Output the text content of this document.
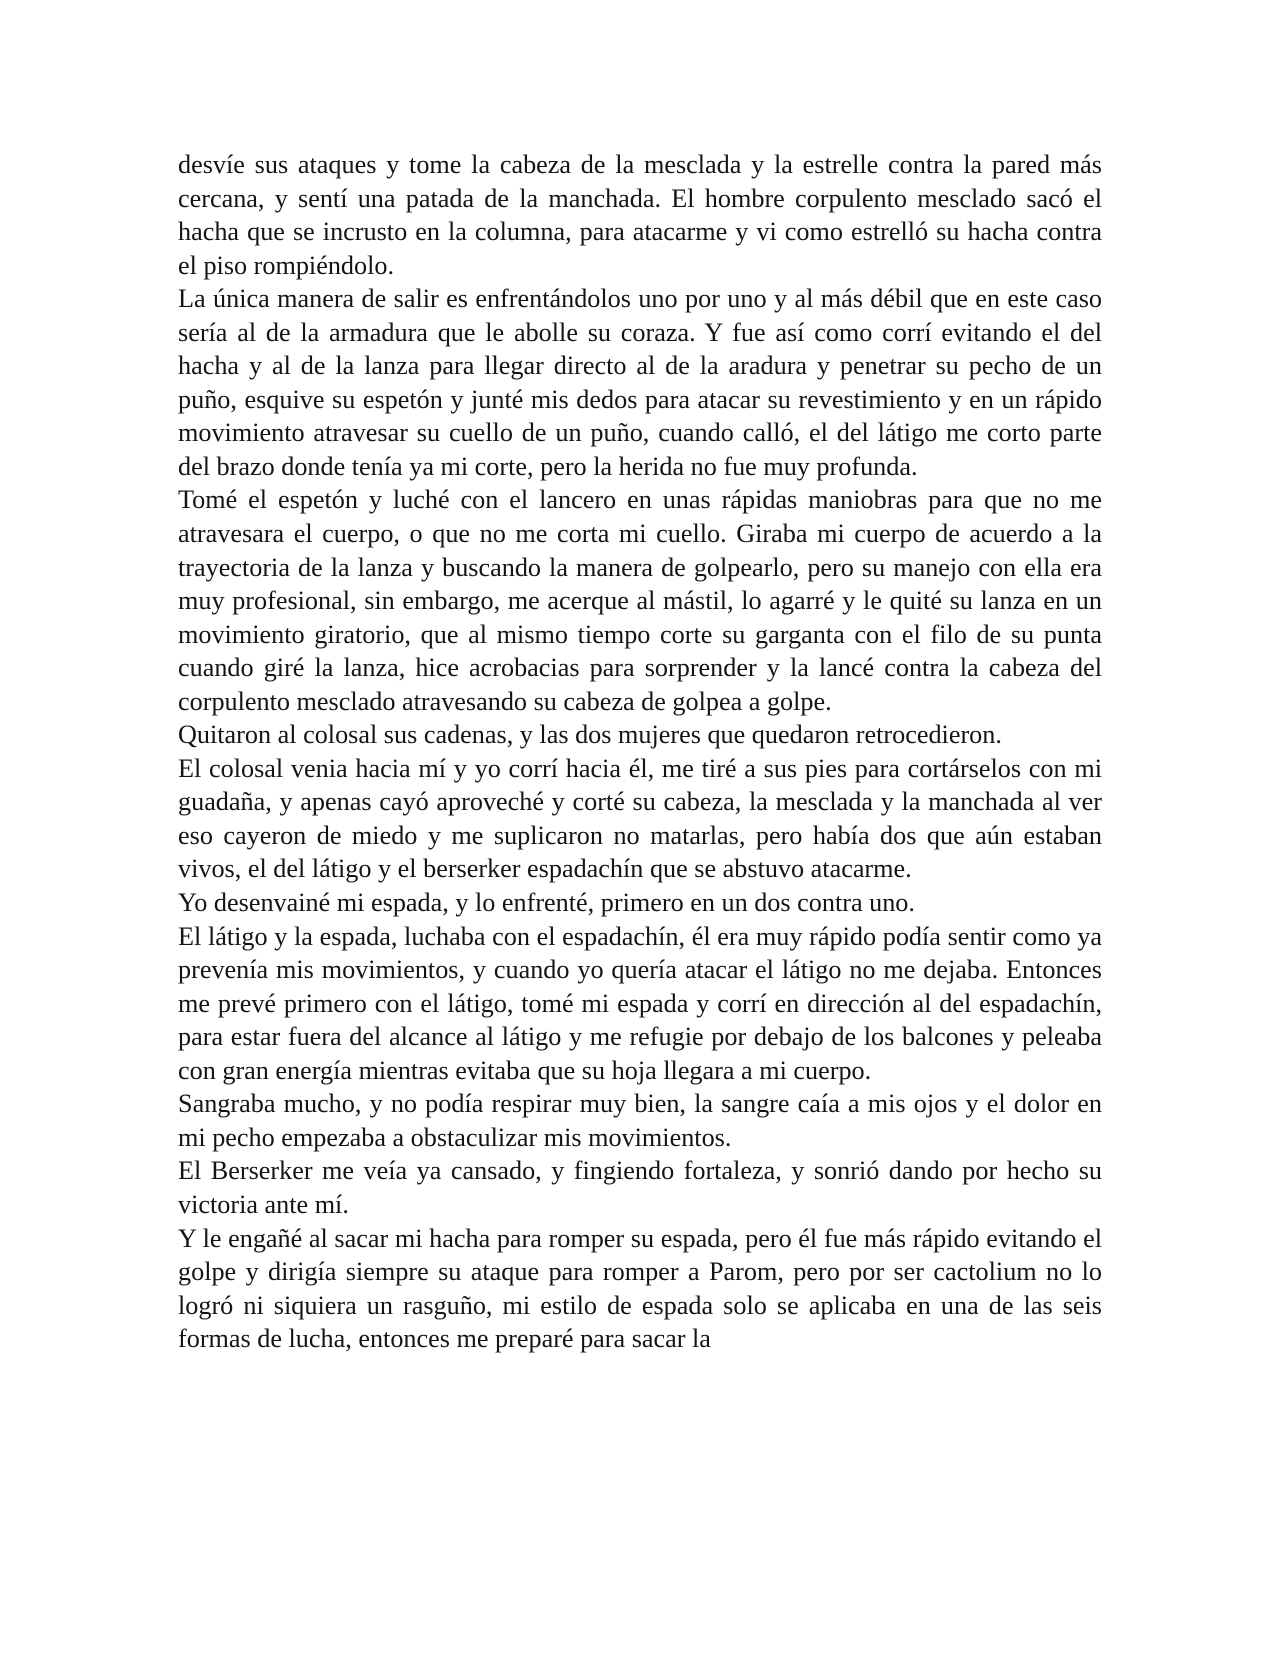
desvíe sus ataques y tome la cabeza de la mesclada y la estrelle contra la pared más cercana, y sentí una patada de la manchada. El hombre corpulento mesclado sacó el hacha que se incrusto en la columna, para atacarme y vi como estrelló su hacha contra el piso rompiéndolo.

La única manera de salir es enfrentándolos uno por uno y al más débil que en este caso sería al de la armadura que le abolle su coraza. Y fue así como corrí evitando el del hacha y al de la lanza para llegar directo al de la aradura y penetrar su pecho de un puño, esquive su espetón y junté mis dedos para atacar su revestimiento y en un rápido movimiento atravesar su cuello de un puño, cuando calló, el del látigo me corto parte del brazo donde tenía ya mi corte, pero la herida no fue muy profunda.

Tomé el espetón y luché con el lancero en unas rápidas maniobras para que no me atravesara el cuerpo, o que no me corta mi cuello. Giraba mi cuerpo de acuerdo a la trayectoria de la lanza y buscando la manera de golpearlo, pero su manejo con ella era muy profesional, sin embargo, me acerque al mástil, lo agarré y le quité su lanza en un movimiento giratorio, que al mismo tiempo corte su garganta con el filo de su punta cuando giré la lanza, hice acrobacias para sorprender y la lancé contra la cabeza del corpulento mesclado atravesando su cabeza de golpea a golpe.

Quitaron al colosal sus cadenas, y las dos mujeres que quedaron retrocedieron.

El colosal venia hacia mí y yo corrí hacia él, me tiré a sus pies para cortárselos con mi guadaña, y apenas cayó aproveché y corté su cabeza, la mesclada y la manchada al ver eso cayeron de miedo y me suplicaron no matarlas, pero había dos que aún estaban vivos, el del látigo y el berserker espadachín que se abstuvo atacarme.

Yo desenvainé mi espada, y lo enfrenté, primero en un dos contra uno.

El látigo y la espada, luchaba con el espadachín, él era muy rápido podía sentir como ya prevenía mis movimientos, y cuando yo quería atacar el látigo no me dejaba. Entonces me prevé primero con el látigo, tomé mi espada y corrí en dirección al del espadachín, para estar fuera del alcance al látigo y me refugie por debajo de los balcones y peleaba con gran energía mientras evitaba que su hoja llegara a mi cuerpo.

Sangraba mucho, y no podía respirar muy bien, la sangre caía a mis ojos y el dolor en mi pecho empezaba a obstaculizar mis movimientos.

El Berserker me veía ya cansado, y fingiendo fortaleza, y sonrió dando por hecho su victoria ante mí.

Y le engañé al sacar mi hacha para romper su espada, pero él fue más rápido evitando el golpe y dirigía siempre su ataque para romper a Parom, pero por ser cactolium no lo logró ni siquiera un rasguño, mi estilo de espada solo se aplicaba en una de las seis formas de lucha, entonces me preparé para sacar la
